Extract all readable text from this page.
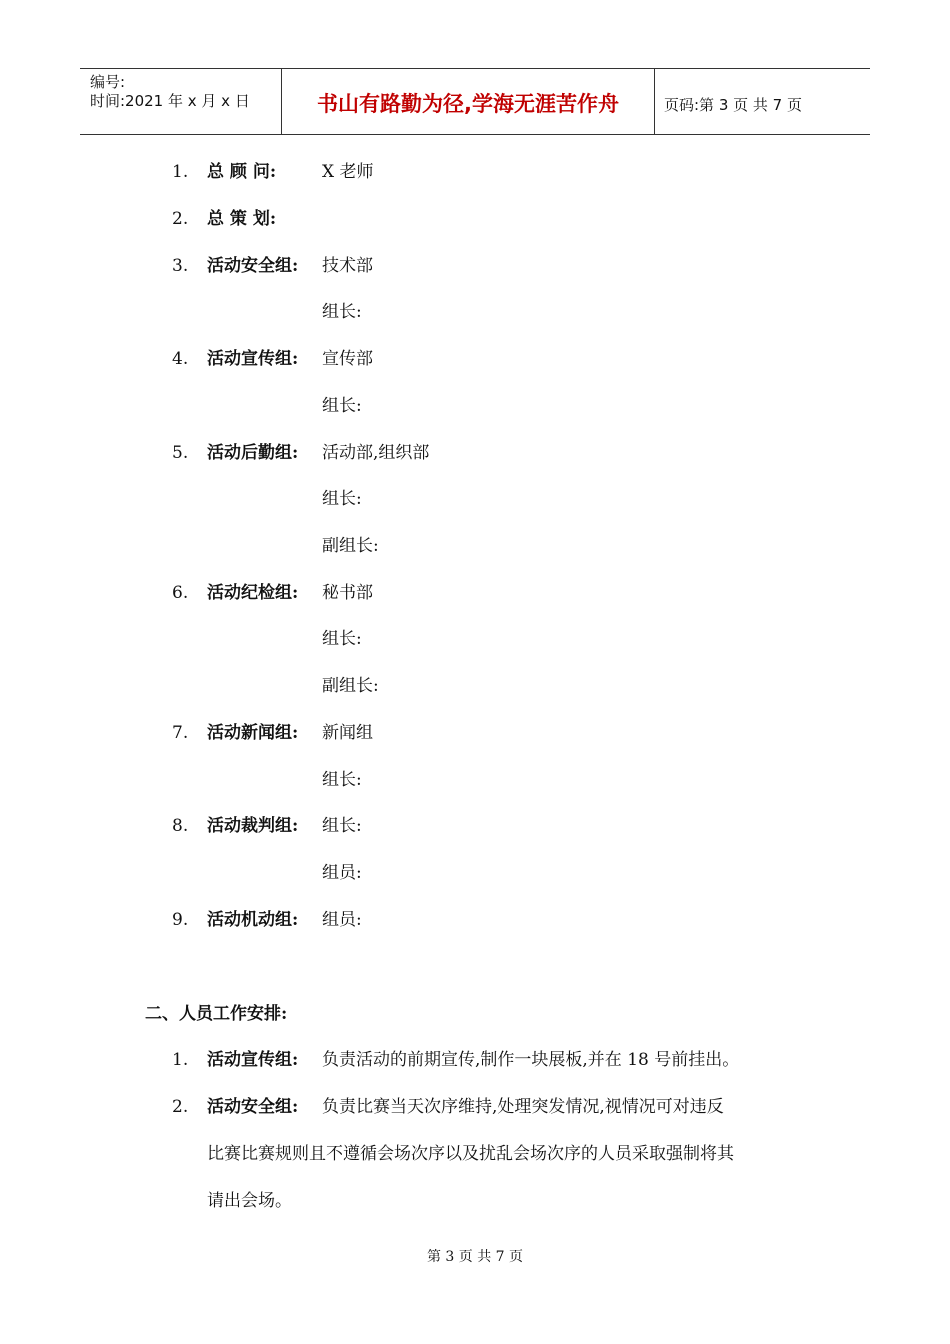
编号:
时间:2021 年 x 月 x 日	书山有路勤为径,学海无涯苦作舟	页码:第 3 页 共 7 页
1.	总 顾 问:	X 老师
2.	总 策 划:
3.	活动安全组: 技术部
组长:
4.	活动宣传组: 宣传部
组长:
5.	活动后勤组: 活动部,组织部
组长:
副组长:
6.	活动纪检组: 秘书部
组长:
副组长:
7.	活动新闻组: 新闻组
组长:
8.	活动裁判组: 组长:
组员:
9.	活动机动组: 组员:
二、人员工作安排:
1.	活动宣传组: 负责活动的前期宣传,制作一块展板,并在 18 号前挂出。
2.	活动安全组: 负责比赛当天次序维持,处理突发情况,视情况可对违反
比赛比赛规则且不遵循会场次序以及扰乱会场次序的人员采取强制将其
请出会场。
第 3 页 共 7 页
